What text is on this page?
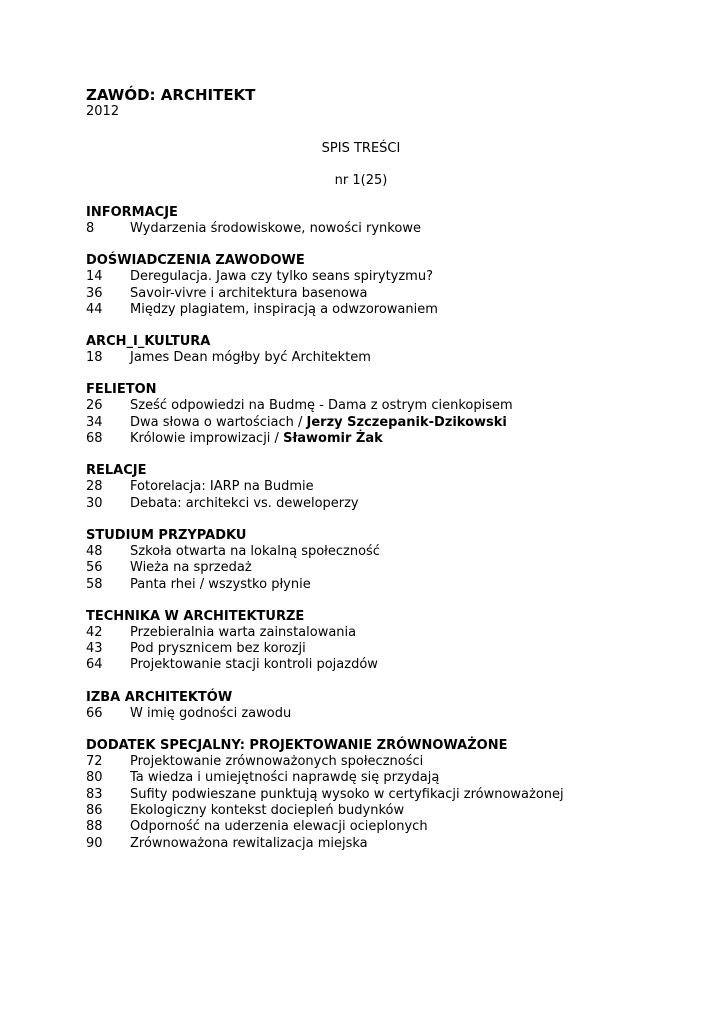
ZAWÓD: ARCHITEKT

2012

SPIS TREŚCI

nr 1(25)

INFORMACJE
8	Wydarzenia środowiskowe, nowości rynkowe
DOŚWIADCZENIA ZAWODOWE
14	Deregulacja. Jawa czy tylko seans spirytyzmu?
36	Savoir-vivre i architektura basenowa
44	Między plagiatem, inspiracją a odwzorowaniem
ARCH_I_KULTURA
18	James Dean mógłby być Architektem
FELIETON
26	Sześć odpowiedzi na Budmę - Dama z ostrym cienkopisem
34	Dwa słowa o wartościach / Jerzy Szczepanik-Dzikowski
68	Królowie improwizacji / Sławomir Żak
RELACJE
28	Fotorelacja: IARP na Budmie
30	Debata: architekci vs. deweloperzy
STUDIUM PRZYPADKU
48	Szkoła otwarta na lokalną społeczność
56	Wieża na sprzedaż
58	Panta rhei / wszystko płynie
TECHNIKA W ARCHITEKTURZE
42	Przebieralnia warta zainstalowania
43	Pod prysznicem bez korozji
64	Projektowanie stacji kontroli pojazdów
IZBA ARCHITEKTÓW
66	W imię godności zawodu
DODATEK SPECJALNY: PROJEKTOWANIE ZRÓWNOWAŻONE
72	Projektowanie zrównoważonych społeczności
80	Ta wiedza i umiejętności naprawdę się przydają
83	Sufity podwieszane punktują wysoko w certyfikacji zrównoważonej
86	Ekologiczny kontekst dociepleń budynków
88	Odporność na uderzenia elewacji ocieplonych
90	Zrównoważona rewitalizacja miejska
